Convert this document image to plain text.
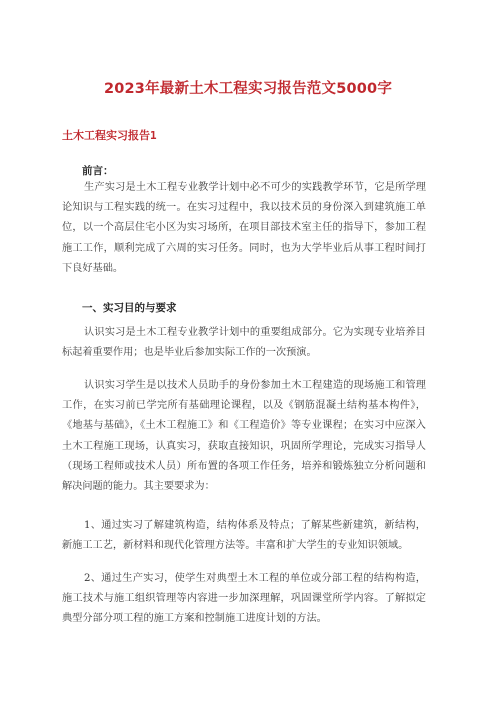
2023年最新土木工程实习报告范文5000字
土木工程实习报告1

前言：

生产实习是土木工程专业教学计划中必不可少的实践教学环节，它是所学理论知识与工程实践的统一。在实习过程中，我以技术员的身份深入到建筑施工单位，以一个高层住宅小区为实习场所，在项目部技术室主任的指导下，参加工程施工工作，顺利完成了六周的实习任务。同时，也为大学毕业后从事工程时间打下良好基础。

一、实习目的与要求

认识实习是土木工程专业教学计划中的重要组成部分。它为实现专业培养目标起着重要作用；也是毕业后参加实际工作的一次预演。

认识实习学生是以技术人员助手的身份参加土木工程建造的现场施工和管理工作，在实习前已学完所有基础理论课程，以及《钢筋混凝土结构基本构件》，《地基与基础》，《土木工程施工》和《工程造价》等专业课程；在实习中应深入土木工程施工现场，认真实习，获取直接知识，巩固所学理论，完成实习指导人（现场工程师或技术人员）所布置的各项工作任务，培养和锻炼独立分析问题和解决问题的能力。其主要要求为：

1、通过实习了解建筑构造，结构体系及特点；了解某些新建筑，新结构，新施工工艺，新材料和现代化管理方法等。丰富和扩大学生的专业知识领域。

2、通过生产实习，使学生对典型土木工程的单位或分部工程的结构构造，施工技术与施工组织管理等内容进一步加深理解，巩固课堂所学内容。了解拟定典型分部分项工程的施工方案和控制施工进度计划的方法。
